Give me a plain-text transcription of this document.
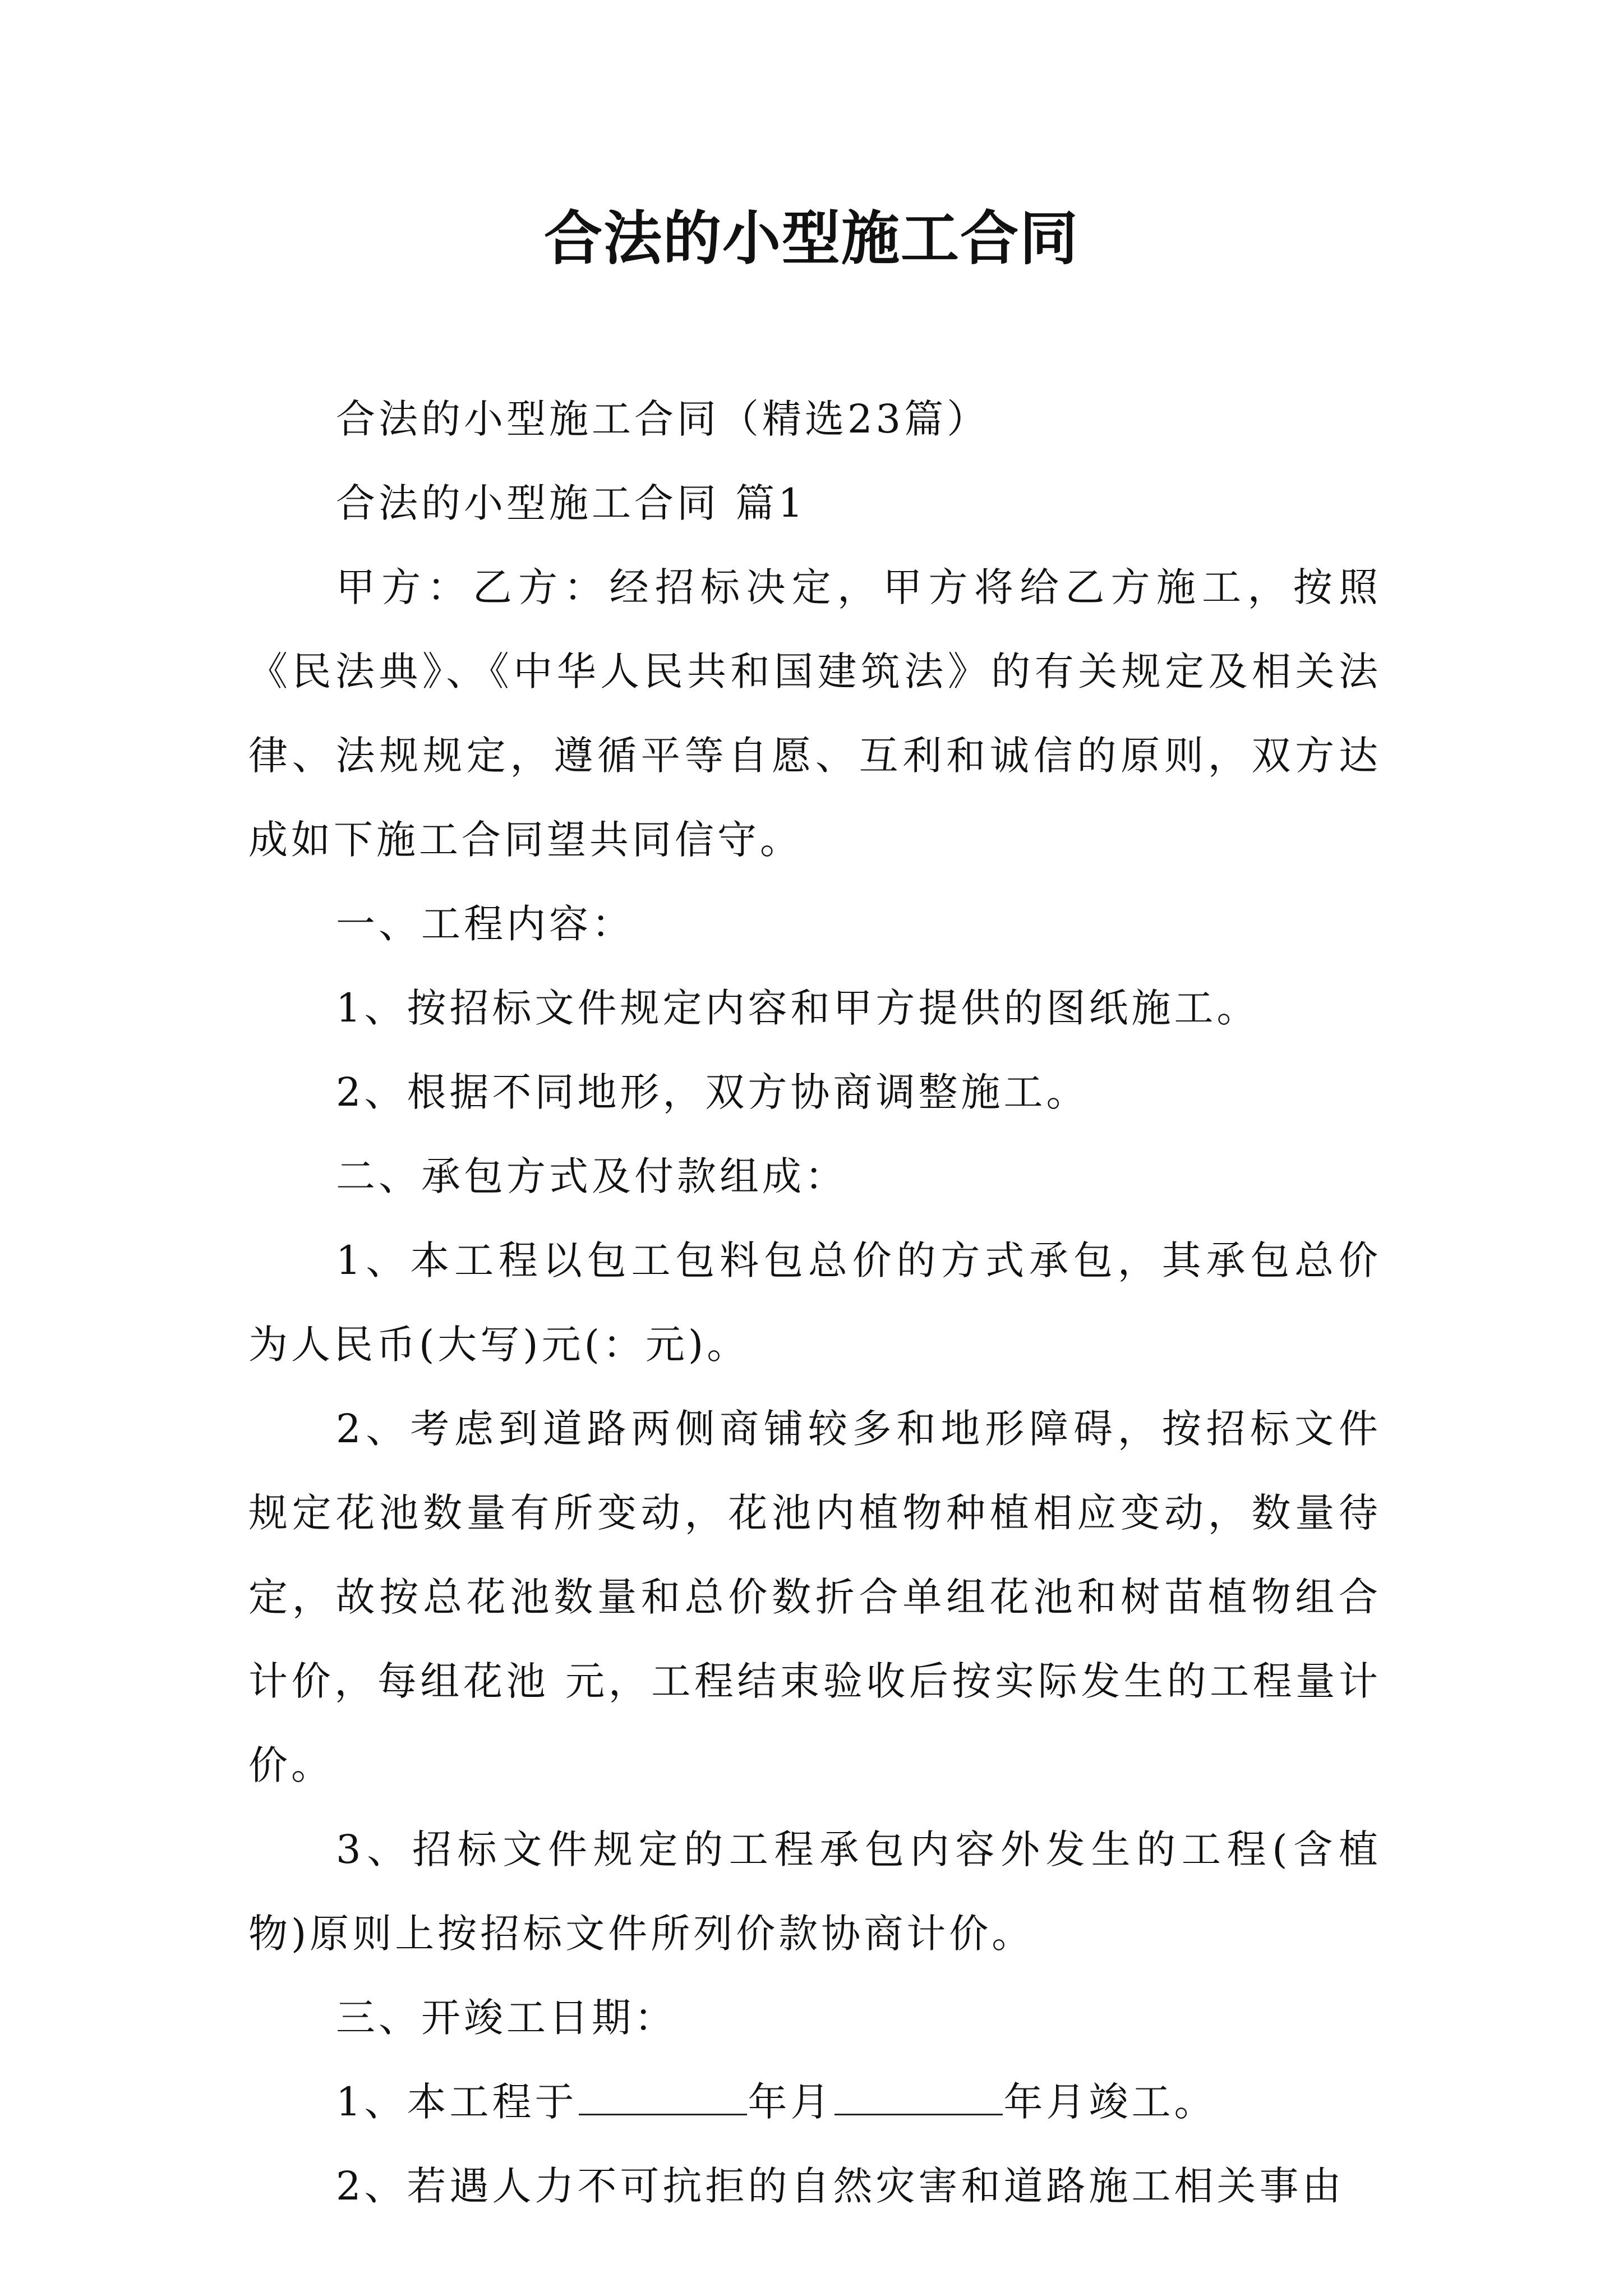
合法的小型施工合同

合法的小型施工合同（精选23篇）

合法的小型施工合同 篇1

甲方：乙方：经招标决定，甲方将给乙方施工，按照《民法典》、《中华人民共和国建筑法》的有关规定及相关法律、法规规定，遵循平等自愿、互利和诚信的原则，双方达成如下施工合同望共同信守。

一、工程内容：

1、按招标文件规定内容和甲方提供的图纸施工。

2、根据不同地形，双方协商调整施工。

二、承包方式及付款组成：

1、本工程以包工包料包总价的方式承包，其承包总价为人民币(大写)元(：元)。

2、考虑到道路两侧商铺较多和地形障碍，按招标文件规定花池数量有所变动，花池内植物种植相应变动，数量待定，故按总花池数量和总价数折合单组花池和树苗植物组合计价，每组花池 元，工程结束验收后按实际发生的工程量计价。

3、招标文件规定的工程承包内容外发生的工程(含植物)原则上按招标文件所列价款协商计价。

三、开竣工日期：

1、本工程于	年月	年月竣工。

2、若遇人力不可抗拒的自然灾害和道路施工相关事由
